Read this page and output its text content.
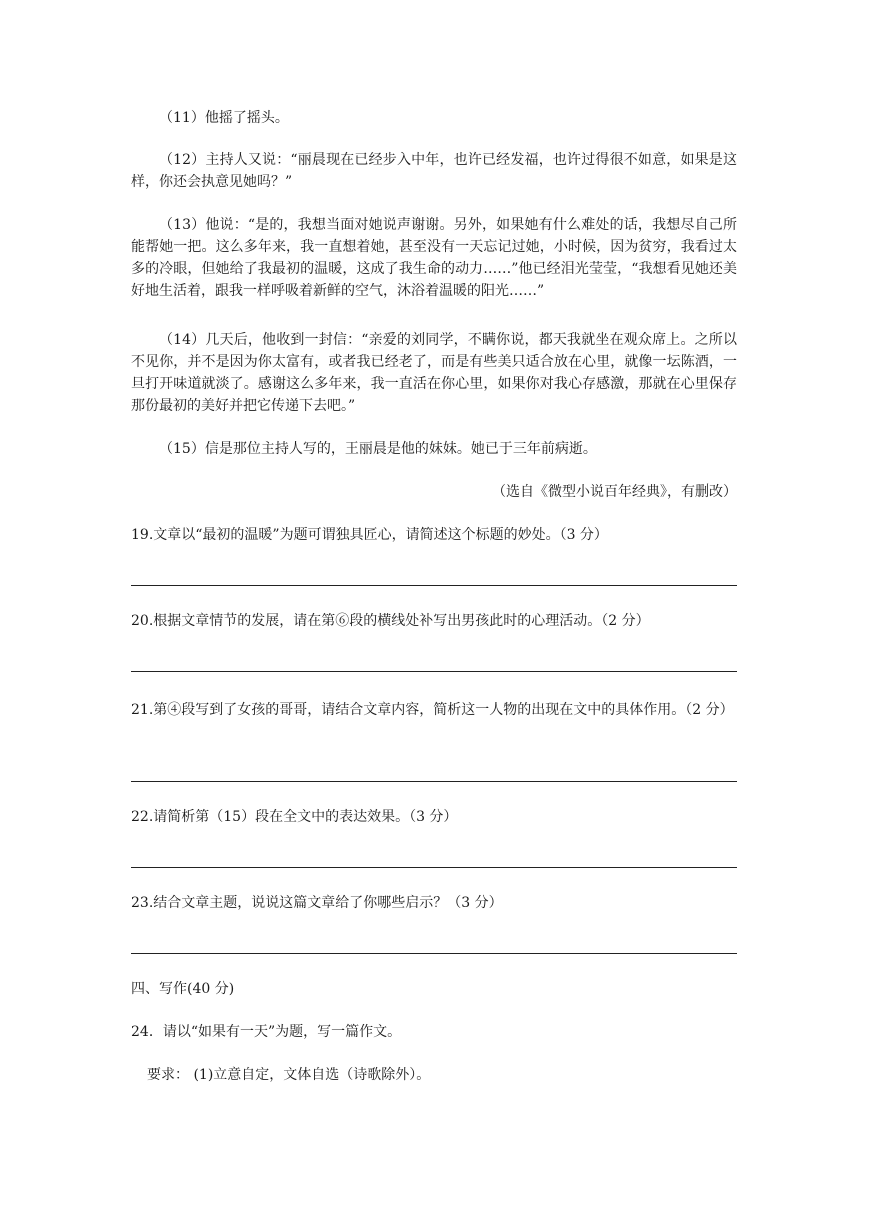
（11）他摇了摇头。

（12）主持人又说：“丽晨现在已经步入中年，也许已经发福，也许过得很不如意，如果是这样，你还会执意见她吗？”

（13）他说：“是的，我想当面对她说声谢谢。另外，如果她有什么难处的话，我想尽自己所能帮她一把。这么多年来，我一直想着她，甚至没有一天忘记过她，小时候，因为贫穷，我看过太多的冷眼，但她给了我最初的温暖，这成了我生命的动力……”他已经泪光莹莹，“我想看见她还美好地生活着，跟我一样呼吸着新鲜的空气，沐浴着温暖的阳光……”

（14）几天后，他收到一封信：“亲爱的刘同学，不瞒你说，都天我就坐在观众席上。之所以不见你，并不是因为你太富有，或者我已经老了，而是有些美只适合放在心里，就像一坛陈酒，一旦打开味道就淡了。感谢这么多年来，我一直活在你心里，如果你对我心存感激，那就在心里保存那份最初的美好并把它传递下去吧。”

（15）信是那位主持人写的，王丽晨是他的妹妹。她已于三年前病逝。

（选自《微型小说百年经典》，有删改）

19.文章以“最初的温暖”为题可谓独具匠心，请简述这个标题的妙处。（3 分）

20.根据文章情节的发展，请在第⑥段的横线处补写出男孩此时的心理活动。（2 分）

21.第④段写到了女孩的哥哥，请结合文章内容，简析这一人物的出现在文中的具体作用。（2 分）

22.请简析第（15）段在全文中的表达效果。（3 分）

23.结合文章主题，说说这篇文章给了你哪些启示？（3 分）

四、写作(40 分)

24．请以“如果有一天”为题，写一篇作文。

要求： (1)立意自定，文体自选（诗歌除外）。
